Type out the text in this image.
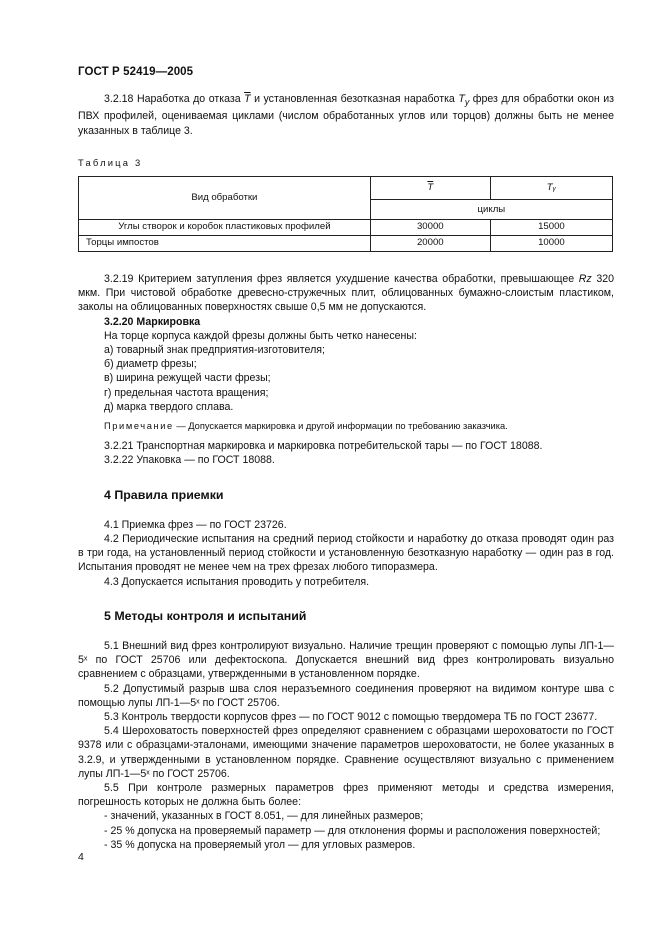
ГОСТ Р 52419—2005

3.2.18 Наработка до отказа $\overline{T}$ и установленная безотказная наработка $T_y$ фрез для обработки окон из ПВХ профилей, оцениваемая циклами (числом обработанных углов или торцов) должны быть не менее указанных в таблице 3.

Таблица 3
Вид обработки	$\overline{T}$	Tᵧ
	циклы	
Углы створок и коробок пластиковых профилей	30000	15000
Торцы импостов	20000	10000

3.2.19 Критерием затупления фрез является ухудшение качества обработки, превышающее Rz 320 мкм. При чистовой обработке древесно-стружечных плит, облицованных бумажно-слоистым пластиком, заколы на облицованных поверхностях свыше 0,5 мм не допускаются.

3.2.20 Маркировка

На торце корпуса каждой фрезы должны быть четко нанесены:

а) товарный знак предприятия-изготовителя;

б) диаметр фрезы;

в) ширина режущей части фрезы;

г) предельная частота вращения;

д) марка твердого сплава.

Примечание — Допускается маркировка и другой информации по требованию заказчика.

3.2.21 Транспортная маркировка и маркировка потребительской тары — по ГОСТ 18088.

3.2.22 Упаковка — по ГОСТ 18088.

4 Правила приемки

4.1 Приемка фрез — по ГОСТ 23726.

4.2 Периодические испытания на средний период стойкости и наработку до отказа проводят один раз в три года, на установленный период стойкости и установленную безотказную наработку — один раз в год. Испытания проводят не менее чем на трех фрезах любого типоразмера.

4.3 Допускается испытания проводить у потребителя.

5 Методы контроля и испытаний

5.1 Внешний вид фрез контролируют визуально. Наличие трещин проверяют с помощью лупы ЛП-1—5ˣ по ГОСТ 25706 или дефектоскопа. Допускается внешний вид фрез контролировать визуально сравнением с образцами, утвержденными в установленном порядке.

5.2 Допустимый разрыв шва слоя неразъемного соединения проверяют на видимом контуре шва с помощью лупы ЛП-1—5ˣ по ГОСТ 25706.

5.3 Контроль твердости корпусов фрез — по ГОСТ 9012 с помощью твердомера ТБ по ГОСТ 23677.

5.4 Шероховатость поверхностей фрез определяют сравнением с образцами шероховатости по ГОСТ 9378 или с образцами-эталонами, имеющими значение параметров шероховатости, не более указанных в 3.2.9, и утвержденными в установленном порядке. Сравнение осуществляют визуально с применением лупы ЛП-1—5ˣ по ГОСТ 25706.

5.5 При контроле размерных параметров фрез применяют методы и средства измерения, погрешность которых не должна быть более:

- значений, указанных в ГОСТ 8.051, — для линейных размеров;

- 25 % допуска на проверяемый параметр — для отклонения формы и расположения поверхностей;

- 35 % допуска на проверяемый угол — для угловых размеров.

4
